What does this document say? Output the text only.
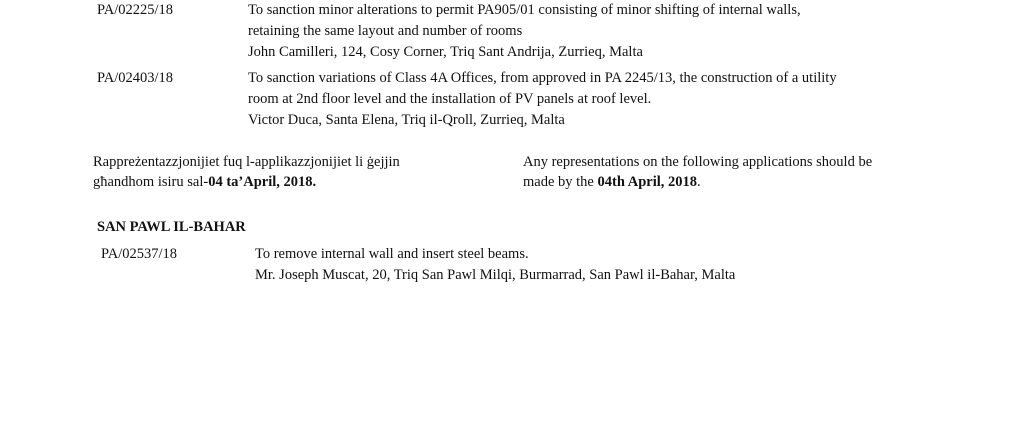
PA/02225/18	To sanction minor alterations to permit PA905/01 consisting of minor shifting of internal walls,
retaining the same layout and number of rooms
John Camilleri, 124, Cosy Corner, Triq Sant Andrija, Zurrieq, Malta
PA/02403/18	To sanction variations of Class 4A Offices, from approved in PA 2245/13, the construction of a utility
room at 2nd floor level and the installation of PV panels at roof level.
Victor Duca, Santa Elena, Triq il-Qroll, Zurrieq, Malta
Rappreżentazzjonijiet fuq l-applikazzjonijiet li ġejjin
għandhom isiru sal-04 ta’April, 2018.
Any representations on the following applications should be
made by the 04th April, 2018.
SAN PAWL IL-BAHAR
PA/02537/18	To remove internal wall and insert steel beams.
Mr. Joseph Muscat, 20, Triq San Pawl Milqi, Burmarrad, San Pawl il-Bahar, Malta
